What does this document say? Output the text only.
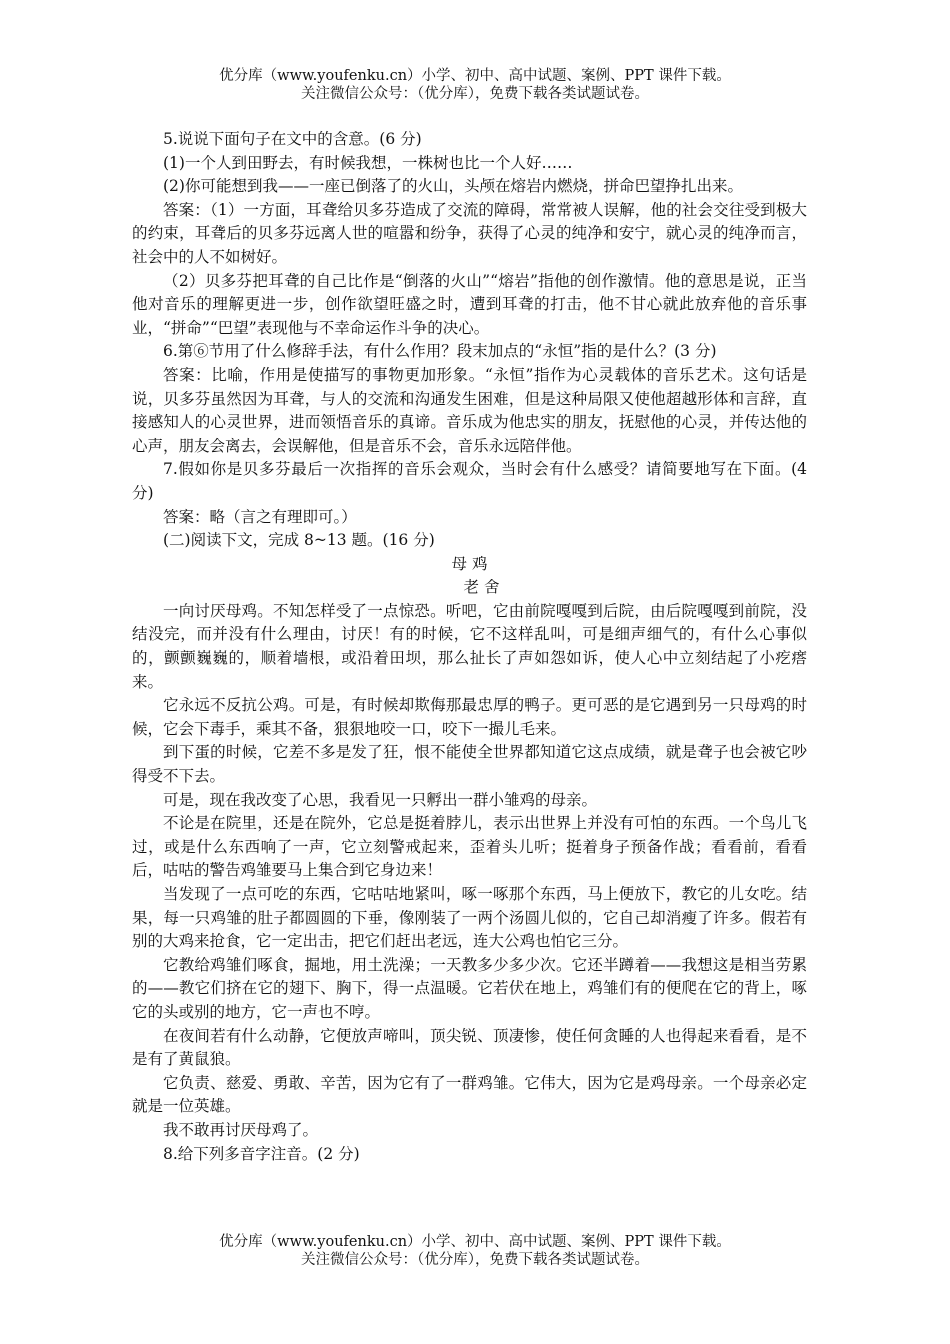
优分库（www.youfenku.cn）小学、初中、高中试题、案例、PPT 课件下载。
关注微信公众号：（优分库），免费下载各类试题试卷。

5.说说下面句子在文中的含意。(6 分)

(1)一个人到田野去，有时候我想，一株树也比一个人好……

(2)你可能想到我——一座已倒落了的火山，头颅在熔岩内燃烧，拼命巴望挣扎出来。

答案：（1）一方面，耳聋给贝多芬造成了交流的障碍，常常被人误解，他的社会交往受到极大的约束，耳聋后的贝多芬远离人世的喧嚣和纷争，获得了心灵的纯净和安宁，就心灵的纯净而言，社会中的人不如树好。

（2）贝多芬把耳聋的自己比作是“倒落的火山”“熔岩”指他的创作激情。他的意思是说，正当他对音乐的理解更进一步，创作欲望旺盛之时，遭到耳聋的打击，他不甘心就此放弃他的音乐事业，“拼命”“巴望”表现他与不幸命运作斗争的决心。

6.第⑥节用了什么修辞手法，有什么作用？段末加点的“永恒”指的是什么？(3 分)

答案：比喻，作用是使描写的事物更加形象。“永恒”指作为心灵载体的音乐艺术。这句话是说，贝多芬虽然因为耳聋，与人的交流和沟通发生困难，但是这种局限又使他超越形体和言辞，直接感知人的心灵世界，进而领悟音乐的真谛。音乐成为他忠实的朋友，抚慰他的心灵，并传达他的心声，朋友会离去，会误解他，但是音乐不会，音乐永远陪伴他。

7.假如你是贝多芬最后一次指挥的音乐会观众，当时会有什么感受？请简要地写在下面。(4 分)

答案：略（言之有理即可。）

(二)阅读下文，完成 8~13 题。(16 分)

母 鸡

老 舍

一向讨厌母鸡。不知怎样受了一点惊恐。听吧，它由前院嘎嘎到后院，由后院嘎嘎到前院，没结没完，而并没有什么理由，讨厌！有的时候，它不这样乱叫，可是细声细气的，有什么心事似的，颤颤巍巍的，顺着墙根，或沿着田坝，那么扯长了声如怨如诉，使人心中立刻结起了小疙瘩来。

它永远不反抗公鸡。可是，有时候却欺侮那最忠厚的鸭子。更可恶的是它遇到另一只母鸡的时候，它会下毒手，乘其不备，狠狠地咬一口，咬下一撮儿毛来。

到下蛋的时候，它差不多是发了狂，恨不能使全世界都知道它这点成绩，就是聋子也会被它吵得受不下去。

可是，现在我改变了心思，我看见一只孵出一群小雏鸡的母亲。

不论是在院里，还是在院外，它总是挺着脖儿，表示出世界上并没有可怕的东西。一个鸟儿飞过，或是什么东西响了一声，它立刻警戒起来，歪着头儿听；挺着身子预备作战；看看前，看看后，咕咕的警告鸡雏要马上集合到它身边来！

当发现了一点可吃的东西，它咕咕地紧叫，啄一啄那个东西，马上便放下，教它的儿女吃。结果，每一只鸡雏的肚子都圆圆的下垂，像刚装了一两个汤圆儿似的，它自己却消瘦了许多。假若有别的大鸡来抢食，它一定出击，把它们赶出老远，连大公鸡也怕它三分。

它教给鸡雏们啄食，掘地，用土洗澡；一天教多少多少次。它还半蹲着——我想这是相当劳累的——教它们挤在它的翅下、胸下，得一点温暖。它若伏在地上，鸡雏们有的便爬在它的背上，啄它的头或别的地方，它一声也不哼。

在夜间若有什么动静，它便放声啼叫，顶尖锐、顶凄惨，使任何贪睡的人也得起来看看，是不是有了黄鼠狼。

它负责、慈爱、勇敢、辛苦，因为它有了一群鸡雏。它伟大，因为它是鸡母亲。一个母亲必定就是一位英雄。

我不敢再讨厌母鸡了。

8.给下列多音字注音。(2 分)

优分库（www.youfenku.cn）小学、初中、高中试题、案例、PPT 课件下载。
关注微信公众号：（优分库），免费下载各类试题试卷。
